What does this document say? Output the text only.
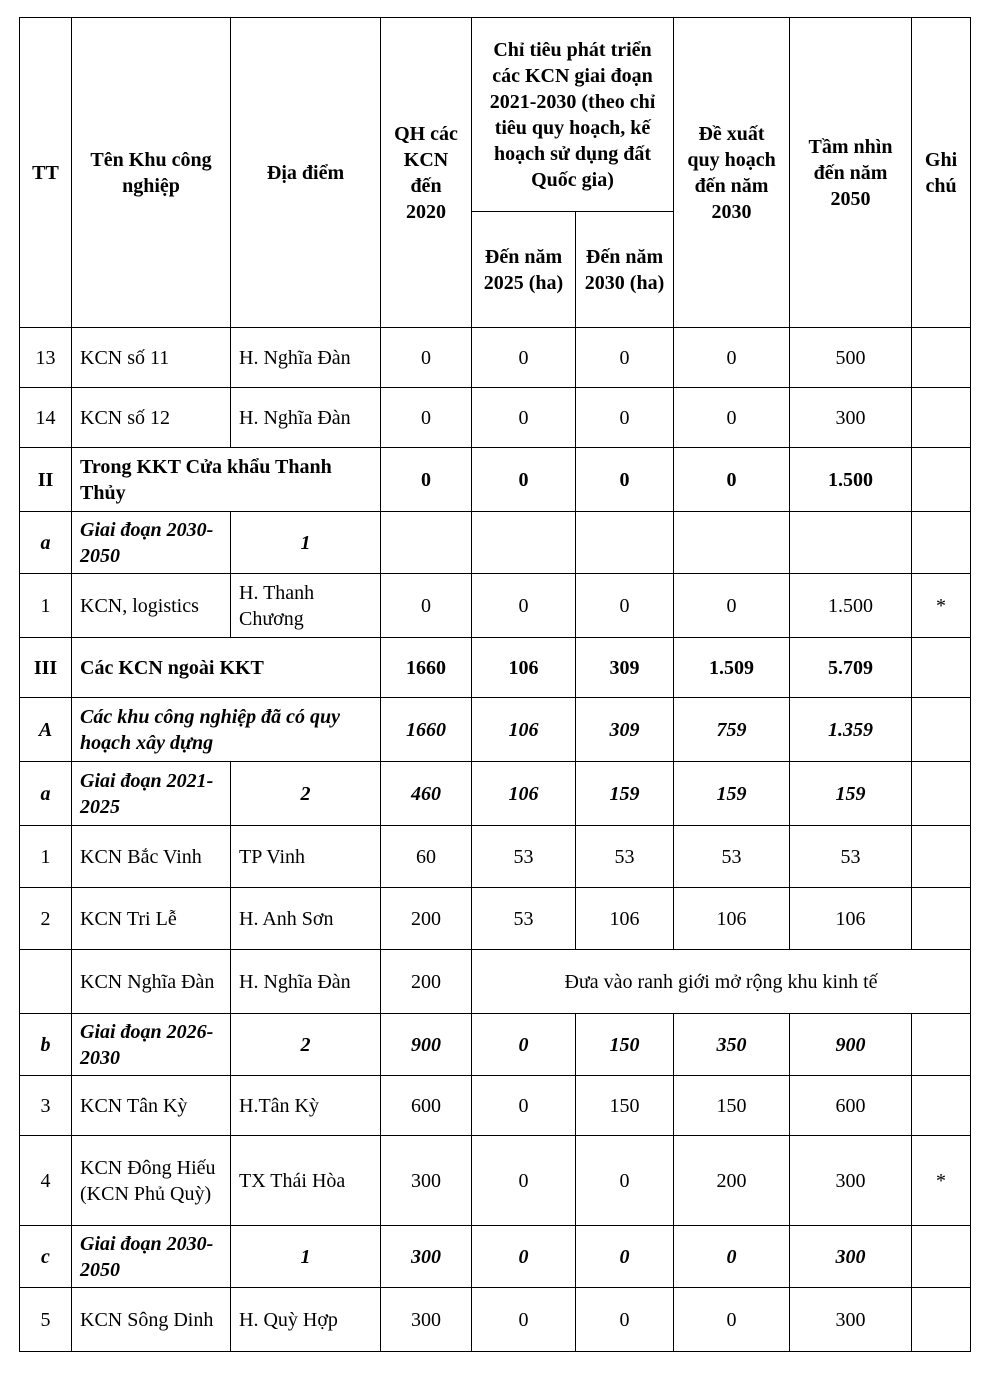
TT	Tên Khu công nghiệp	Địa điểm	QH các KCN đến 2020	Chỉ tiêu phát triển các KCN giai đoạn 2021-2030 (theo chỉ tiêu quy hoạch, kế hoạch sử dụng đất Quốc gia)		Đề xuất quy hoạch đến năm 2030	Tầm nhìn đến năm 2050	Ghi chú
				Đến năm 2025 (ha)	Đến năm 2030 (ha)			
13	KCN số 11	H. Nghĩa Đàn	0	0	0	0	500	
14	KCN số 12	H. Nghĩa Đàn	0	0	0	0	300	
II	Trong KKT Cửa khẩu Thanh Thủy		0	0	0	0	1.500	
a	Giai đoạn 2030-2050	1						
1	KCN, logistics	H. Thanh Chương	0	0	0	0	1.500	*
III	Các KCN ngoài KKT		1660	106	309	1.509	5.709	
A	Các khu công nghiệp đã có quy hoạch xây dựng		1660	106	309	759	1.359	
a	Giai đoạn 2021-2025	2	460	106	159	159	159	
1	KCN Bắc Vinh	TP Vinh	60	53	53	53	53	
2	KCN Tri Lễ	H. Anh Sơn	200	53	106	106	106	
	KCN Nghĩa Đàn	H. Nghĩa Đàn	200	Đưa vào ranh giới mở rộng khu kinh tế				
b	Giai đoạn 2026-2030	2	900	0	150	350	900	
3	KCN Tân Kỳ	H.Tân Kỳ	600	0	150	150	600	
4	KCN Đông Hiếu (KCN Phủ Quỳ)	TX Thái Hòa	300	0	0	200	300	*
c	Giai đoạn 2030-2050	1	300	0	0	0	300	
5	KCN Sông Dinh	H. Quỳ Hợp	300	0	0	0	300	
